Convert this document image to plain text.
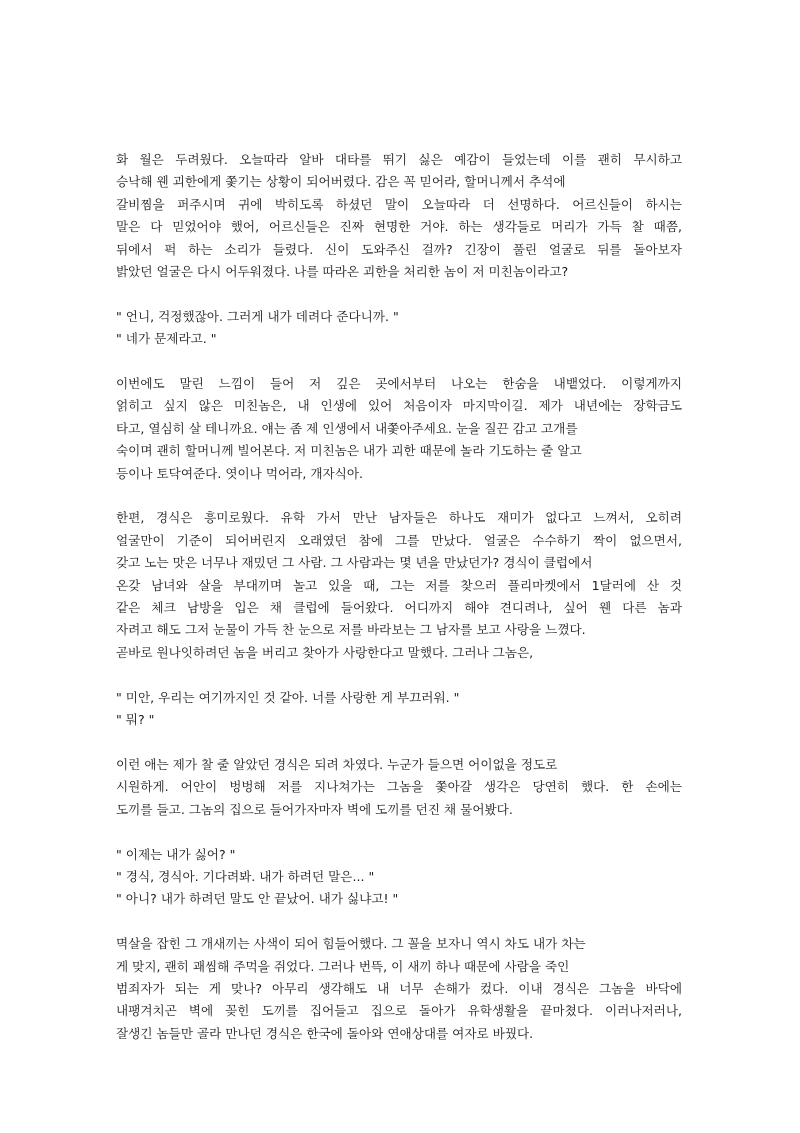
화 월은 두려웠다. 오늘따라 알바 대타를 뛰기 싫은 예감이 들었는데 이를 괜히 무시하고
승낙해 웬 괴한에게 쫓기는 상황이 되어버렸다. 감은 꼭 믿어라, 할머니께서 추석에
갈비찜을 퍼주시며 귀에 박히도록 하셨던 말이 오늘따라 더 선명하다. 어르신들이 하시는
말은 다 믿었어야 했어, 어르신들은 진짜 현명한 거야. 하는 생각들로 머리가 가득 찰 때쯤,
뒤에서 퍽 하는 소리가 들렸다. 신이 도와주신 걸까? 긴장이 풀린 얼굴로 뒤를 돌아보자
밝았던 얼굴은 다시 어두워졌다. 나를 따라온 괴한을 처리한 놈이 저 미친놈이라고?
" 언니, 걱정했잖아. 그러게 내가 데려다 준다니까. "
" 네가 문제라고. "
이번에도 말린 느낌이 들어 저 깊은 곳에서부터 나오는 한숨을 내뱉었다. 이렇게까지
얽히고 싶지 않은 미친놈은, 내 인생에 있어 처음이자 마지막이길. 제가 내년에는 장학금도
타고, 열심히 살 테니까요. 얘는 좀 제 인생에서 내쫓아주세요. 눈을 질끈 감고 고개를
숙이며 괜히 할머니께 빌어본다. 저 미친놈은 내가 괴한 때문에 놀라 기도하는 줄 알고
등이나 토닥여준다. 엿이나 먹어라, 개자식아.
한편, 경식은 흥미로웠다. 유학 가서 만난 남자들은 하나도 재미가 없다고 느껴서, 오히려
얼굴만이 기준이 되어버린지 오래였던 참에 그를 만났다. 얼굴은 수수하기 짝이 없으면서,
갖고 노는 맛은 너무나 재밌던 그 사람. 그 사람과는 몇 년을 만났던가? 경식이 클럽에서
온갖 남녀와 살을 부대끼며 놀고 있을 때, 그는 저를 찾으러 플리마켓에서 1달러에 산 것
같은 체크 남방을 입은 채 클럽에 들어왔다. 어디까지 해야 견디려나, 싶어 웬 다른 놈과
자려고 해도 그저 눈물이 가득 찬 눈으로 저를 바라보는 그 남자를 보고 사랑을 느꼈다.
곧바로 원나잇하려던 놈을 버리고 찾아가 사랑한다고 말했다. 그러나 그놈은,
" 미안, 우리는 여기까지인 것 같아. 너를 사랑한 게 부끄러워. "
" 뭐? "
이런 애는 제가 찰 줄 알았던 경식은 되려 차였다. 누군가 들으면 어이없을 정도로
시원하게. 어안이 벙벙해 저를 지나쳐가는 그놈을 쫓아갈 생각은 당연히 했다. 한 손에는
도끼를 들고. 그놈의 집으로 들어가자마자 벽에 도끼를 던진 채 물어봤다.
" 이제는 내가 싫어? "
" 경식, 경식아. 기다려봐. 내가 하려던 말은... "
" 아니? 내가 하려던 말도 안 끝났어. 내가 싫냐고! "
멱살을 잡힌 그 개새끼는 사색이 되어 힘들어했다. 그 꼴을 보자니 역시 차도 내가 차는
게 맞지, 괜히 괘씸해 주먹을 쥐었다. 그러나 번뜩, 이 새끼 하나 때문에 사람을 죽인
범죄자가 되는 게 맞나? 아무리 생각해도 내 너무 손해가 컸다. 이내 경식은 그놈을 바닥에
내팽겨치곤 벽에 꽂힌 도끼를 집어들고 집으로 돌아가 유학생활을 끝마쳤다. 이러나저러나,
잘생긴 놈들만 골라 만나던 경식은 한국에 돌아와 연애상대를 여자로 바꿨다.
